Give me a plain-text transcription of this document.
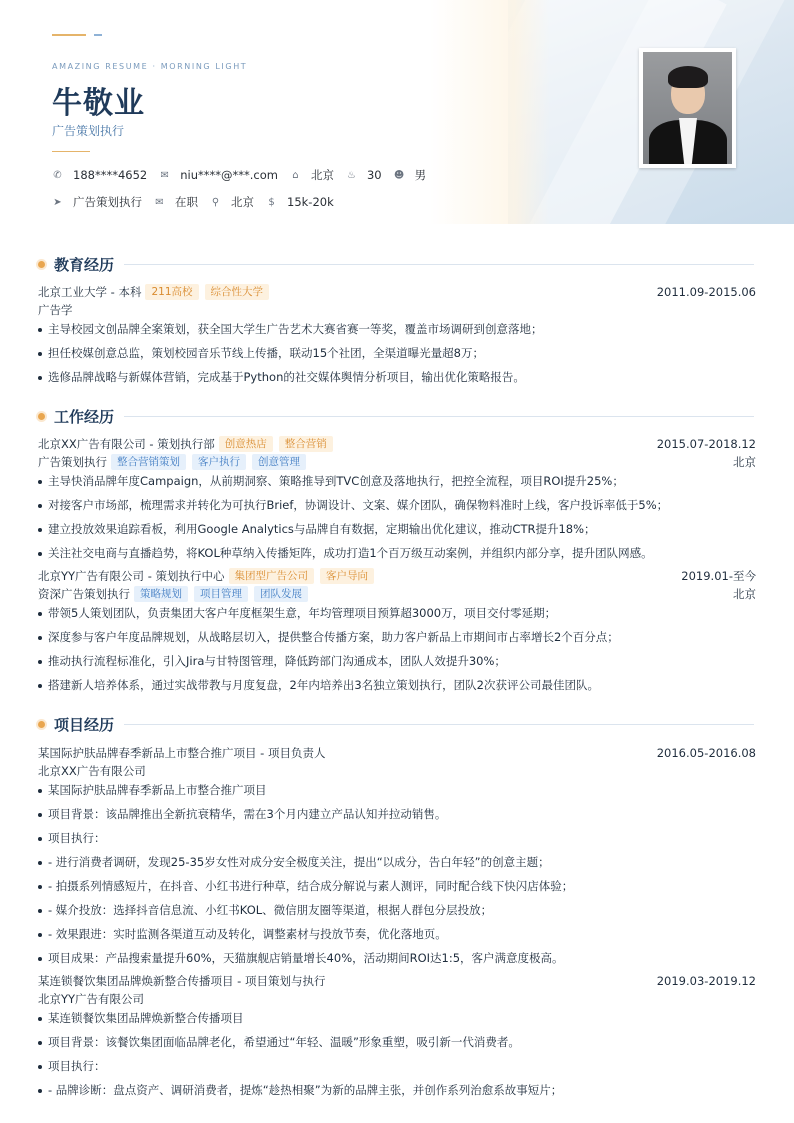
AMAZING RESUME · MORNING LIGHT
牛敬业
广告策划执行
✆ 188****4652 ✉ niu****@***.com ⌂ 北京 ♨ 30 ☻ 男
➤ 广告策划执行 ✉ 在职 ⚲ 北京 $ 15k-20k
教育经历
北京工业大学 - 本科 211高校	综合性大学	2011.09-2015.06
广告学
主导校园文创品牌全案策划，获全国大学生广告艺术大赛省赛一等奖，覆盖市场调研到创意落地；
担任校媒创意总监，策划校园音乐节线上传播，联动15个社团，全渠道曝光量超8万；
选修品牌战略与新媒体营销，完成基于Python的社交媒体舆情分析项目，输出优化策略报告。
工作经历
北京XX广告有限公司 - 策划执行部 创意热店	整合营销	2015.07-2018.12
广告策划执行 整合营销策划	客户执行	创意管理	北京
主导快消品牌年度Campaign，从前期洞察、策略推导到TVC创意及落地执行，把控全流程，项目ROI提升25%；
对接客户市场部，梳理需求并转化为可执行Brief，协调设计、文案、媒介团队，确保物料准时上线，客户投诉率低于5%；
建立投放效果追踪看板，利用Google Analytics与品牌自有数据，定期输出优化建议，推动CTR提升18%；
关注社交电商与直播趋势，将KOL种草纳入传播矩阵，成功打造1个百万级互动案例，并组织内部分享，提升团队网感。
北京YY广告有限公司 - 策划执行中心 集团型广告公司	客户导向	2019.01-至今
资深广告策划执行 策略规划	项目管理	团队发展	北京
带领5人策划团队，负责集团大客户年度框架生意，年均管理项目预算超3000万，项目交付零延期；
深度参与客户年度品牌规划，从战略层切入，提供整合传播方案，助力客户新品上市期间市占率增长2个百分点；
推动执行流程标准化，引入Jira与甘特图管理，降低跨部门沟通成本，团队人效提升30%；
搭建新人培养体系，通过实战带教与月度复盘，2年内培养出3名独立策划执行，团队2次获评公司最佳团队。
项目经历
某国际护肤品牌春季新品上市整合推广项目 - 项目负责人	2016.05-2016.08
北京XX广告有限公司
某国际护肤品牌春季新品上市整合推广项目
项目背景：该品牌推出全新抗衰精华，需在3个月内建立产品认知并拉动销售。
项目执行：
- 进行消费者调研，发现25-35岁女性对成分安全极度关注，提出“以成分，告白年轻”的创意主题；
- 拍摄系列情感短片，在抖音、小红书进行种草，结合成分解说与素人测评，同时配合线下快闪店体验；
- 媒介投放：选择抖音信息流、小红书KOL、微信朋友圈等渠道，根据人群包分层投放；
- 效果跟进：实时监测各渠道互动及转化，调整素材与投放节奏，优化落地页。
项目成果：产品搜索量提升60%，天猫旗舰店销量增长40%，活动期间ROI达1:5，客户满意度极高。
某连锁餐饮集团品牌焕新整合传播项目 - 项目策划与执行	2019.03-2019.12
北京YY广告有限公司
某连锁餐饮集团品牌焕新整合传播项目
项目背景：该餐饮集团面临品牌老化，希望通过“年轻、温暖”形象重塑，吸引新一代消费者。
项目执行：
- 品牌诊断：盘点资产、调研消费者，提炼“趁热相聚”为新的品牌主张，并创作系列治愈系故事短片；
